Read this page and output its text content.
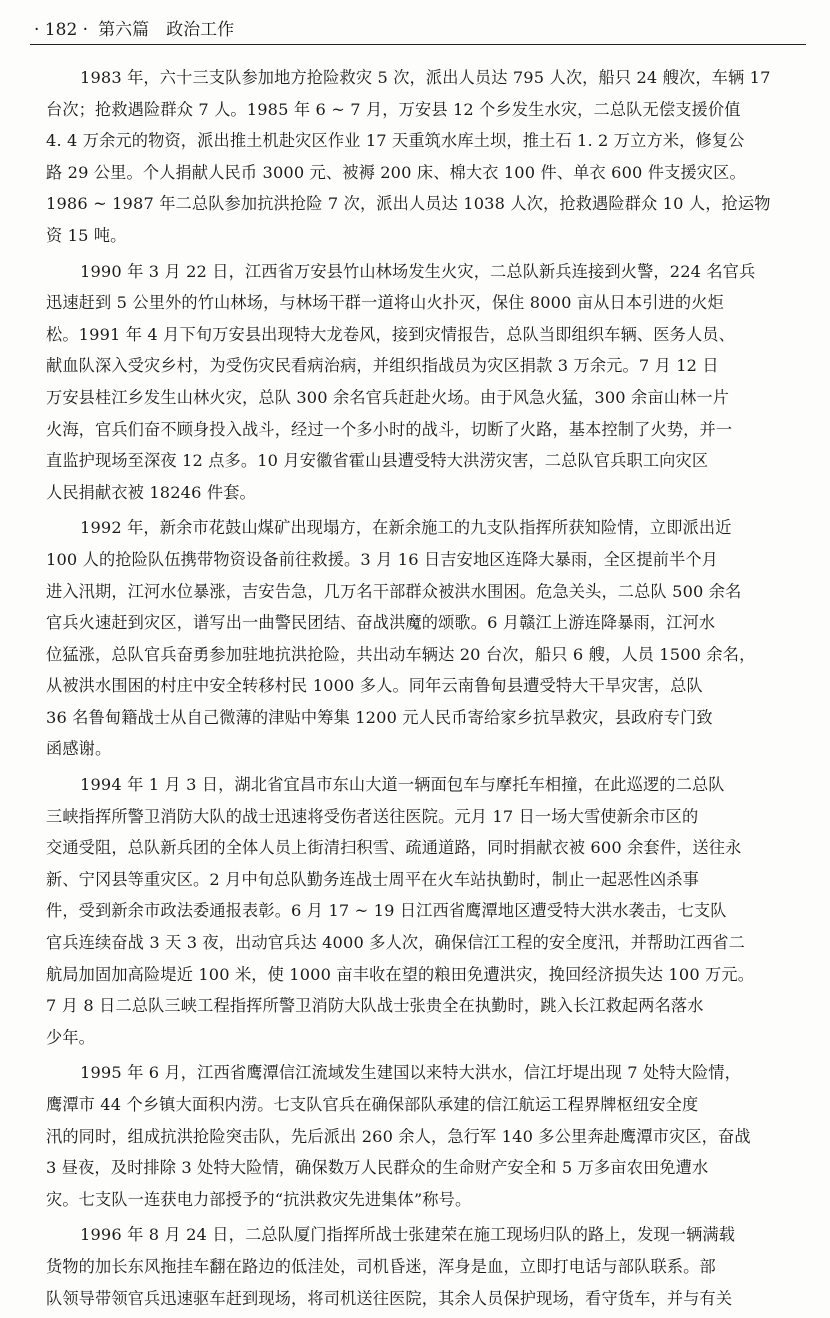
· 182 · 第六篇　政治工作
1983 年，六十三支队参加地方抢险救灾 5 次，派出人员达 795 人次，船只 24 艘次，车辆 17
台次；抢救遇险群众 7 人。1985 年 6 ~ 7 月，万安县 12 个乡发生水灾，二总队无偿支援价值
4. 4 万余元的物资，派出推土机赴灾区作业 17 天重筑水库土坝，推土石 1. 2 万立方米，修复公
路 29 公里。个人捐献人民币 3000 元、被褥 200 床、棉大衣 100 件、单衣 600 件支援灾区。
1986 ~ 1987 年二总队参加抗洪抢险 7 次，派出人员达 1038 人次，抢救遇险群众 10 人，抢运物
资 15 吨。
1990 年 3 月 22 日，江西省万安县竹山林场发生火灾，二总队新兵连接到火警，224 名官兵
迅速赶到 5 公里外的竹山林场，与林场干群一道将山火扑灭，保住 8000 亩从日本引进的火炬
松。1991 年 4 月下旬万安县出现特大龙卷风，接到灾情报告，总队当即组织车辆、医务人员、
献血队深入受灾乡村，为受伤灾民看病治病，并组织指战员为灾区捐款 3 万余元。7 月 12 日
万安县桂江乡发生山林火灾，总队 300 余名官兵赶赴火场。由于风急火猛，300 余亩山林一片
火海，官兵们奋不顾身投入战斗，经过一个多小时的战斗，切断了火路，基本控制了火势，并一
直监护现场至深夜 12 点多。10 月安徽省霍山县遭受特大洪涝灾害，二总队官兵职工向灾区
人民捐献衣被 18246 件套。
1992 年，新余市花鼓山煤矿出现塌方，在新余施工的九支队指挥所获知险情，立即派出近
100 人的抢险队伍携带物资设备前往救援。3 月 16 日吉安地区连降大暴雨，全区提前半个月
进入汛期，江河水位暴涨，吉安告急，几万名干部群众被洪水围困。危急关头，二总队 500 余名
官兵火速赶到灾区，谱写出一曲警民团结、奋战洪魔的颂歌。6 月赣江上游连降暴雨，江河水
位猛涨，总队官兵奋勇参加驻地抗洪抢险，共出动车辆达 20 台次，船只 6 艘，人员 1500 余名，
从被洪水围困的村庄中安全转移村民 1000 多人。同年云南鲁甸县遭受特大干旱灾害，总队
36 名鲁甸籍战士从自己微薄的津贴中筹集 1200 元人民币寄给家乡抗旱救灾，县政府专门致
函感谢。
1994 年 1 月 3 日，湖北省宜昌市东山大道一辆面包车与摩托车相撞，在此巡逻的二总队
三峡指挥所警卫消防大队的战士迅速将受伤者送往医院。元月 17 日一场大雪使新余市区的
交通受阻，总队新兵团的全体人员上街清扫积雪、疏通道路，同时捐献衣被 600 余套件，送往永
新、宁冈县等重灾区。2 月中旬总队勤务连战士周平在火车站执勤时，制止一起恶性凶杀事
件，受到新余市政法委通报表彰。6 月 17 ~ 19 日江西省鹰潭地区遭受特大洪水袭击，七支队
官兵连续奋战 3 天 3 夜，出动官兵达 4000 多人次，确保信江工程的安全度汛，并帮助江西省二
航局加固加高险堤近 100 米，使 1000 亩丰收在望的粮田免遭洪灾，挽回经济损失达 100 万元。
7 月 8 日二总队三峡工程指挥所警卫消防大队战士张贵全在执勤时，跳入长江救起两名落水
少年。
1995 年 6 月，江西省鹰潭信江流域发生建国以来特大洪水，信江圩堤出现 7 处特大险情，
鹰潭市 44 个乡镇大面积内涝。七支队官兵在确保部队承建的信江航运工程界牌枢纽安全度
汛的同时，组成抗洪抢险突击队，先后派出 260 余人，急行军 140 多公里奔赴鹰潭市灾区，奋战
3 昼夜，及时排除 3 处特大险情，确保数万人民群众的生命财产安全和 5 万多亩农田免遭水
灾。七支队一连获电力部授予的“抗洪救灾先进集体”称号。
1996 年 8 月 24 日，二总队厦门指挥所战士张建荣在施工现场归队的路上，发现一辆满载
货物的加长东风拖挂车翻在路边的低洼处，司机昏迷，浑身是血，立即打电话与部队联系。部
队领导带领官兵迅速驱车赶到现场，将司机送往医院，其余人员保护现场，看守货车，并与有关
